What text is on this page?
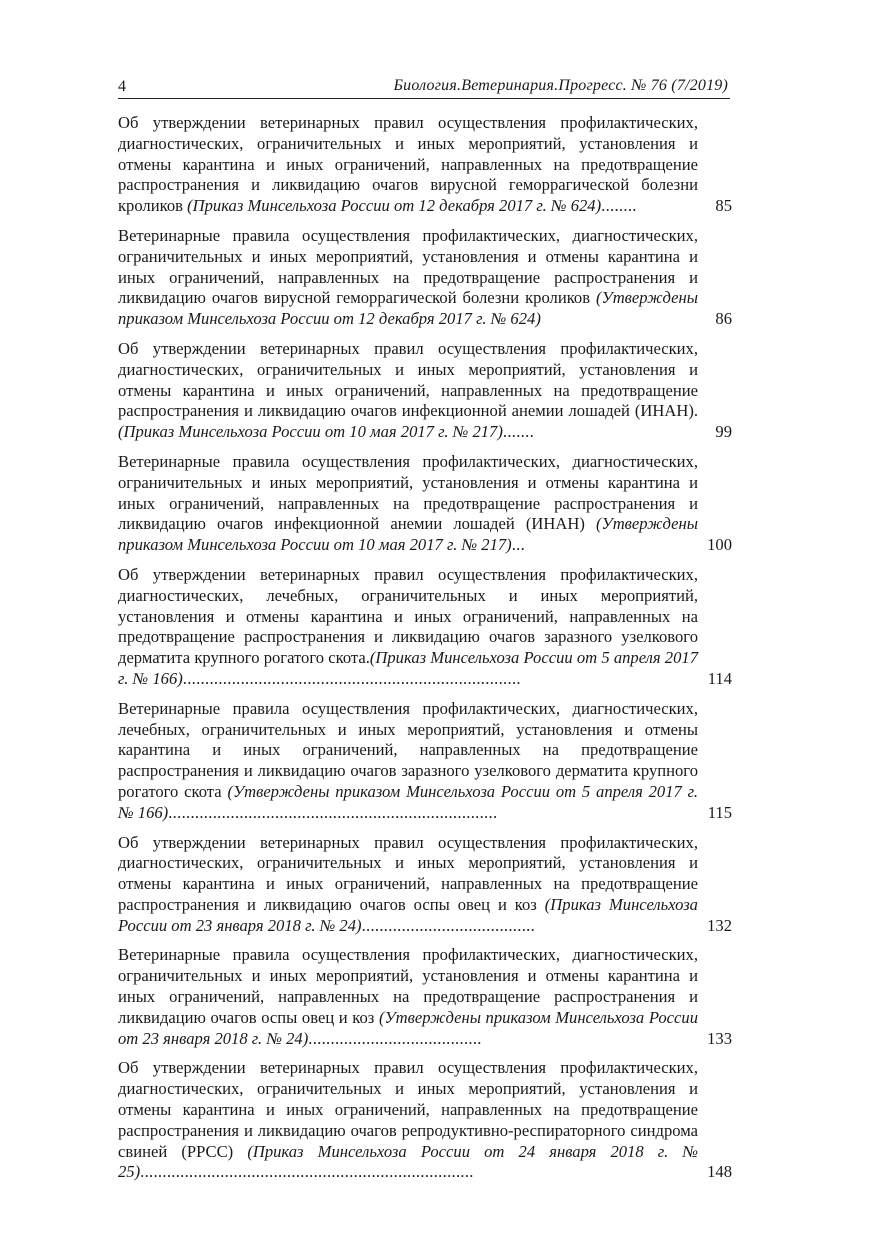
4	Биология.Ветеринария.Прогресс. № 76 (7/2019)
Об утверждении ветеринарных правил осуществления профилактических, диагностических, ограничительных и иных мероприятий, установления и отмены карантина и иных ограничений, направленных на предотвращение распространения и ликвидацию очагов вирусной геморрагической болезни кроликов (Приказ Минсельхоза России от 12 декабря 2017 г. № 624)........	85
Ветеринарные правила осуществления профилактических, диагностических, ограничительных и иных мероприятий, установления и отмены карантина и иных ограничений, направленных на предотвращение распространения и ликвидацию очагов вирусной геморрагической болезни кроликов (Утверждены приказом Минсельхоза России от 12 декабря 2017 г. № 624)	86
Об утверждении ветеринарных правил осуществления профилактических, диагностических, ограничительных и иных мероприятий, установления и отмены карантина и иных ограничений, направленных на предотвращение распространения и ликвидацию очагов инфекционной анемии лошадей (ИНАН).(Приказ Минсельхоза России от 10 мая 2017 г. № 217).......	99
Ветеринарные правила осуществления профилактических, диагностических, ограничительных и иных мероприятий, установления и отмены карантина и иных ограничений, направленных на предотвращение распространения и ликвидацию очагов инфекционной анемии лошадей (ИНАН) (Утверждены приказом Минсельхоза России от 10 мая 2017 г. № 217)...	100
Об утверждении ветеринарных правил осуществления профилактических, диагностических, лечебных, ограничительных и иных мероприятий, установления и отмены карантина и иных ограничений, направленных на предотвращение распространения и ликвидацию очагов заразного узелкового дерматита крупного рогатого скота.(Приказ Минсельхоза России от 5 апреля 2017 г. № 166)............................................................................	114
Ветеринарные правила осуществления профилактических, диагностических, лечебных, ограничительных и иных мероприятий, установления и отмены карантина и иных ограничений, направленных на предотвращение распространения и ликвидацию очагов заразного узелкового дерматита крупного рогатого скота (Утверждены приказом Минсельхоза России от 5 апреля 2017 г. № 166)..........................................................................	115
Об утверждении ветеринарных правил осуществления профилактических, диагностических, ограничительных и иных мероприятий, установления и отмены карантина и иных ограничений, направленных на предотвращение распространения и ликвидацию очагов оспы овец и коз (Приказ Минсельхоза России от 23 января 2018 г. № 24).......................................	132
Ветеринарные правила осуществления профилактических, диагностических, ограничительных и иных мероприятий, установления и отмены карантина и иных ограничений, направленных на предотвращение распространения и ликвидацию очагов оспы овец и коз (Утверждены приказом Минсельхоза России от 23 января 2018 г. № 24).......................................	133
Об утверждении ветеринарных правил осуществления профилактических, диагностических, ограничительных и иных мероприятий, установления и отмены карантина и иных ограничений, направленных на предотвращение распространения и ликвидацию очагов репродуктивно-респираторного синдрома свиней (РРСС) (Приказ Минсельхоза России от 24 января 2018 г. № 25)...........................................................................	148
